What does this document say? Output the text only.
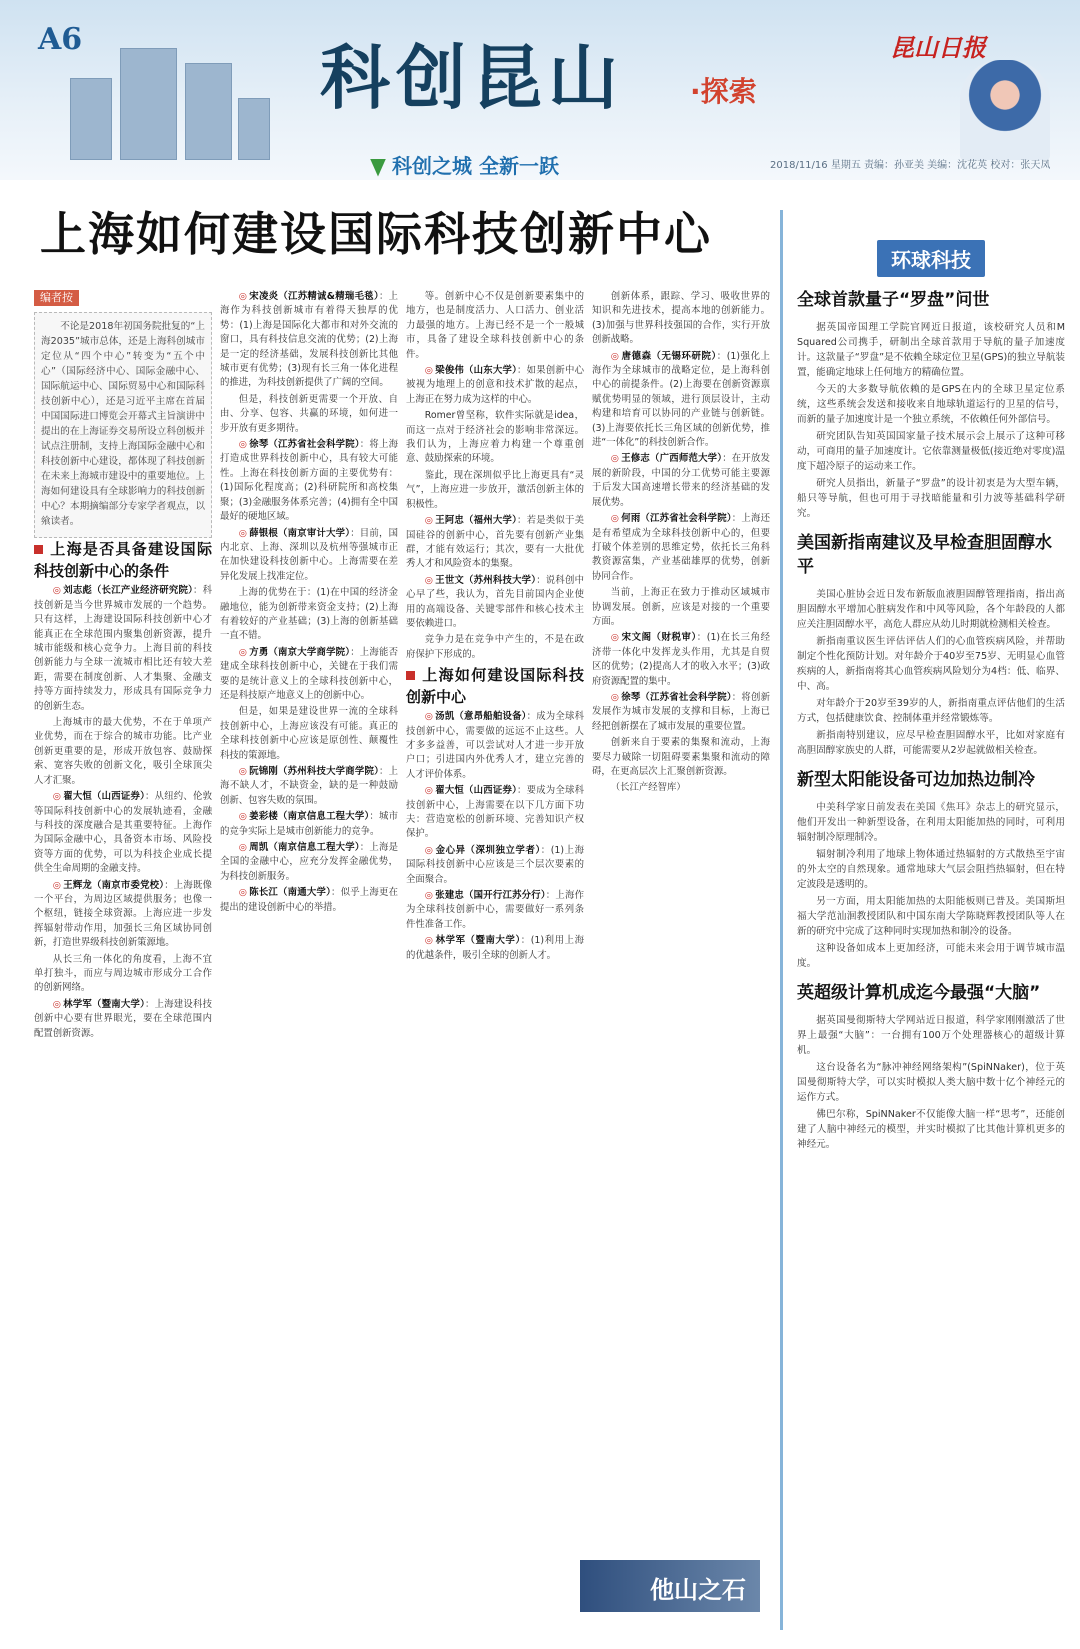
A6	科创昆山 ·探索
科创之城 全新一跃
昆山日报
2018/11/16 星期五 责编：孙亚美 美编：沈花英 校对：张天凤
上海如何建设国际科技创新中心
编者按

不论是2018年初国务院批复的“上海2035”城市总体，还是上海科创城市定位从“四个中心”转变为“五个中心”（国际经济中心、国际金融中心、国际航运中心、国际贸易中心和国际科技创新中心），还是习近平主席在首届中国国际进口博览会开幕式主旨演讲中提出的在上海证券交易所设立科创板并试点注册制，支持上海国际金融中心和科技创新中心建设，都体现了科技创新在未来上海城市建设中的重要地位。上海如何建设具有全球影响力的科技创新中心？本期摘编部分专家学者观点，以飨读者。

上海是否具备建设国际科技创新中心的条件

◎ 刘志彪（长江产业经济研究院）：科技创新是当今世界城市发展的一个趋势。只有这样，上海建设国际科技创新中心才能真正在全球范围内聚集创新资源，提升城市能级和核心竞争力。上海目前的科技创新能力与全球一流城市相比还有较大差距，需要在制度创新、人才集聚、金融支持等方面持续发力，形成具有国际竞争力的创新生态。

上海城市的最大优势，不在于单项产业优势，而在于综合的城市功能。比产业创新更重要的是，形成开放包容、鼓励探索、宽容失败的创新文化，吸引全球顶尖人才汇聚。

◎ 翟大恒（山西证券）：从纽约、伦敦等国际科技创新中心的发展轨迹看，金融与科技的深度融合是其重要特征。上海作为国际金融中心，具备资本市场、风险投资等方面的优势，可以为科技企业成长提供全生命周期的金融支持。

◎ 王辉龙（南京市委党校）：上海既像一个平台，为周边区域提供服务；也像一个枢纽，链接全球资源。上海应进一步发挥辐射带动作用，加强长三角区域协同创新，打造世界级科技创新策源地。

从长三角一体化的角度看，上海不宜单打独斗，而应与周边城市形成分工合作的创新网络。

◎ 林学军（暨南大学）：上海建设科技创新中心要有世界眼光，要在全球范围内配置创新资源。

◎ 宋凌炎（江苏精诚&精瑞毛毯）：上海作为科技创新城市有着得天独厚的优势：(1)上海是国际化大都市和对外交流的窗口，具有科技信息交流的优势；(2)上海是一定的经济基础，发展科技创新比其他城市更有优势；(3)现有长三角一体化进程的推进，为科技创新提供了广阔的空间。

但是，科技创新更需要一个开放、自由、分享、包容、共赢的环境，如何进一步开放有更多期待。

◎ 徐琴（江苏省社会科学院）：将上海打造成世界科技创新中心，具有较大可能性。上海在科技创新方面的主要优势有：(1)国际化程度高；(2)科研院所和高校集聚；(3)金融服务体系完善；(4)拥有全中国最好的硬地区域。

◎ 薛银根（南京审计大学）：目前，国内北京、上海、深圳以及杭州等强城市正在加快建设科技创新中心。上海需要在差异化发展上找准定位。

上海的优势在于：(1)在中国的经济金融地位，能为创新带来资金支持；(2)上海有着较好的产业基础；(3)上海的创新基础一直不错。

◎ 方勇（南京大学商学院）：上海能否建成全球科技创新中心，关键在于我们需要的是统计意义上的全球科技创新中心，还是科技原产地意义上的创新中心。

但是，如果是建设世界一流的全球科技创新中心，上海应该没有可能。真正的全球科技创新中心应该是原创性、颠覆性科技的策源地。

◎ 阮锦刚（苏州科技大学商学院）：上海不缺人才，不缺资金，缺的是一种鼓励创新、包容失败的氛围。

◎ 姜彩楼（南京信息工程大学）：城市的竞争实际上是城市创新能力的竞争。

◎ 周凯（南京信息工程大学）：上海是全国的金融中心，应充分发挥金融优势，为科技创新服务。

◎ 陈长江（南通大学）：似乎上海更在提出的建设创新中心的举措。

等。创新中心不仅是创新要素集中的地方，也是制度活力、人口活力、创业活力最强的地方。上海已经不是一个一般城市，具备了建设全球科技创新中心的条件。

◎ 梁俊伟（山东大学）：如果创新中心被视为地理上的创意和技术扩散的起点，上海正在努力成为这样的中心。

Romer曾坚称，软件实际就是idea，而这一点对于经济社会的影响非常深远。我们认为，上海应着力构建一个尊重创意、鼓励探索的环境。

鉴此，现在深圳似乎比上海更具有“灵气”，上海应进一步放开，激活创新主体的积极性。

◎ 王阿忠（福州大学）：若是类似于美国硅谷的创新中心，首先要有创新产业集群，才能有效运行；其次，要有一大批优秀人才和风险资本的集聚。

◎ 王世文（苏州科技大学）：说科创中心早了些，我认为，首先目前国内企业使用的高端设备、关键零部件和核心技术主要依赖进口。

竞争力是在竞争中产生的，不是在政府保护下形成的。

上海如何建设国际科技创新中心

◎ 汤凯（意昂船舶设备）：成为全球科技创新中心，需要做的远远不止这些。人才多多益善，可以尝试对人才进一步开放户口；引进国内外优秀人才，建立完善的人才评价体系。

◎ 翟大恒（山西证券）：要成为全球科技创新中心，上海需要在以下几方面下功夫：营造宽松的创新环境、完善知识产权保护。

◎ 金心异（深圳独立学者）：(1)上海国际科技创新中心应该是三个层次要素的全面聚合。

◎ 张建忠（国开行江苏分行）：上海作为全球科技创新中心，需要做好一系列条件性准备工作。

◎ 林学军（暨南大学）：(1)利用上海的优越条件，吸引全球的创新人才。

创新体系，跟踪、学习、吸收世界的知识和先进技术，提高本地的创新能力。(3)加强与世界科技强国的合作，实行开放创新战略。

◎ 唐德森（无锡环研院）：(1)强化上海作为全球城市的战略定位，是上海科创中心的前提条件。(2)上海要在创新资源禀赋优势明显的领域，进行顶层设计，主动构建和培育可以协同的产业链与创新链。(3)上海要依托长三角区域的创新优势，推进“一体化”的科技创新合作。

◎ 王修志（广西师范大学）：在开放发展的新阶段，中国的分工优势可能主要源于后发大国高速增长带来的经济基础的发展优势。

◎ 何雨（江苏省社会科学院）：上海还是有希望成为全球科技创新中心的，但要打破个体差别的思维定势，依托长三角科教资源富集，产业基础雄厚的优势，创新协同合作。

当前，上海正在致力于推动区域城市协调发展。创新，应该是对接的一个重要方面。

◎ 宋文阁（财税审）：(1)在长三角经济带一体化中发挥龙头作用，尤其是自贸区的优势；(2)提高人才的收入水平；(3)政府资源配置的集中。

◎ 徐琴（江苏省社会科学院）：将创新发展作为城市发展的支撑和目标，上海已经把创新摆在了城市发展的重要位置。

创新来自于要素的集聚和流动，上海要尽力破除一切阻碍要素集聚和流动的障碍，在更高层次上汇聚创新资源。

（长江产经智库）

他山之石
环球科技
全球首款量子“罗盘”问世

据英国帝国理工学院官网近日报道，该校研究人员和M Squared公司携手，研制出全球首款用于导航的量子加速度计。这款量子“罗盘”是不依赖全球定位卫星(GPS)的独立导航装置，能确定地球上任何地方的精确位置。

今天的大多数导航依赖的是GPS在内的全球卫星定位系统，这些系统会发送和接收来自地球轨道运行的卫星的信号，而新的量子加速度计是一个独立系统，不依赖任何外部信号。

研究团队告知英国国家量子技术展示会上展示了这种可移动，可商用的量子加速度计。它依靠测量极低(接近绝对零度)温度下超冷原子的运动来工作。

研究人员指出，新量子“罗盘”的设计初衷是为大型车辆，船只等导航，但也可用于寻找暗能量和引力波等基础科学研究。

美国新指南建议及早检查胆固醇水平

美国心脏协会近日发布新版血液胆固醇管理指南，指出高胆固醇水平增加心脏病发作和中风等风险，各个年龄段的人都应关注胆固醇水平，高危人群应从幼儿时期就检测相关检查。

新指南重议医生评估评估人们的心血管疾病风险，并帮助制定个性化预防计划。对年龄介于40岁至75岁、无明显心血管疾病的人，新指南将其心血管疾病风险划分为4档：低、临界、中、高。

对年龄介于20岁至39岁的人，新指南重点评估他们的生活方式，包括健康饮食、控制体重并经常锻炼等。

新指南特别建议，应尽早检查胆固醇水平，比如对家庭有高胆固醇家族史的人群，可能需要从2岁起就做相关检查。

新型太阳能设备可边加热边制冷

中美科学家日前发表在美国《焦耳》杂志上的研究显示，他们开发出一种新型设备，在利用太阳能加热的同时，可利用辐射制冷原理制冷。

辐射制冷利用了地球上物体通过热辐射的方式散热至宇宙的外太空的自然现象。通常地球大气层会阻挡热辐射，但在特定波段是透明的。

另一方面，用太阳能加热的太阳能板则已普及。美国斯坦福大学范汕洄教授团队和中国东南大学陈晓辉教授团队等人在新的研究中完成了这种同时实现加热和制冷的设备。

这种设备如成本上更加经济，可能未来会用于调节城市温度。

英超级计算机成迄今最强“大脑”

据英国曼彻斯特大学网站近日报道，科学家刚刚激活了世界上最强“大脑”：一台拥有100万个处理器核心的超级计算机。

这台设备名为“脉冲神经网络架构”(SpiNNaker)，位于英国曼彻斯特大学，可以实时模拟人类大脑中数十亿个神经元的运作方式。

佛巴尔称，SpiNNaker不仅能像大脑一样“思考”，还能创建了人脑中神经元的模型，并实时模拟了比其他计算机更多的神经元。
